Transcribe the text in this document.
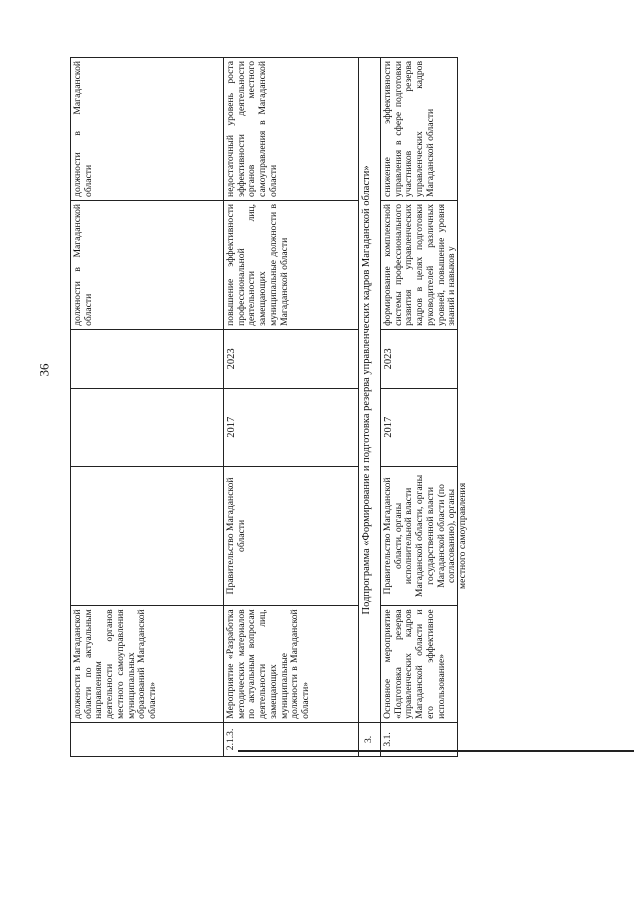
36

	должности в Магаданской области по актуальным направлениям деятельности органов местного самоуправления муниципальных образований Магаданской области»				должности в Магаданской области	должности в Магаданской области
2.1.3.	Мероприятие «Разработка методических материалов по актуальным вопросам деятельности лиц, замещающих муниципальные должности в Магаданской области»	Правительство Магаданской области	2017	2023	повышение эффективности профессиональной деятельности лиц, замещающих муниципальные должности в Магаданской области	недостаточный уровень роста эффективности деятельности органов местного самоуправления в Магаданской области
3.	Подпрограмма «Формирование и подготовка резерва управленческих кадров Магаданской области»					
3.1.	Основное мероприятие «Подготовка резерва управленческих кадров Магаданской области и его эффективное использование»	Правительство Магаданской области, органы исполнительной власти Магаданской области, органы государственной власти Магаданской области (по согласованию), органы местного самоуправления	2017	2023	формирование комплексной системы профессионального развития управленческих кадров в целях подготовки руководителей различных уровней, повышение уровня знаний и навыков у	снижение эффективности управления в сфере подготовки участников резерва управленческих кадров Магаданской области
